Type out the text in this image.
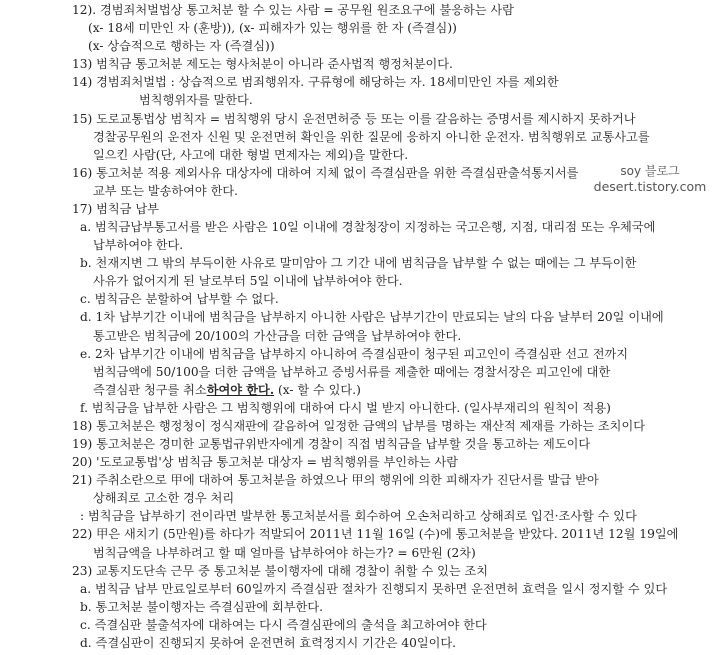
12). 경범죄처벌법상 통고처분 할 수 있는 사람 = 공무원 원조요구에 불응하는 사람
(x- 18세 미만인 자 (훈방)), (x- 피해자가 있는 행위를 한 자 (즉결심))
(x- 상습적으로 행하는 자 (즉결심))
13) 범칙금 통고처분 제도는 형사처분이 아니라 준사법적 행정처분이다.
14) 경범죄처벌법 : 상습적으로 범죄행위자. 구류형에 해당하는 자. 18세미만인 자를 제외한
범칙행위자를 말한다.
15) 도로교통법상 범칙자 = 범칙행위 당시 운전면허증 등 또는 이를 갈음하는 증명서를 제시하지 못하거나
경찰공무원의 운전자 신원 및 운전면허 확인을 위한 질문에 응하지 아니한 운전자. 범칙행위로 교통사고를
일으킨 사람(단, 사고에 대한 형벌 면제자는 제외)을 말한다.
16) 통고처분 적용 제외사유 대상자에 대하여 지체 없이 즉결심판을 위한 즉결심판출석통지서를
교부 또는 발송하여야 한다.
17) 범칙금 납부
a. 범칙금납부통고서를 받은 사람은 10일 이내에 경찰청장이 지정하는 국고은행, 지점, 대리점 또는 우체국에
납부하여야 한다.
b. 천재지변 그 밖의 부득이한 사유로 말미암아 그 기간 내에 범칙금을 납부할 수 없는 때에는 그 부득이한
사유가 없어지게 된 날로부터 5일 이내에 납부하여야 한다.
c. 범칙금은 분할하여 납부할 수 없다.
d. 1차 납부기간 이내에 범칙금을 납부하지 아니한 사람은 납부기간이 만료되는 날의 다음 날부터 20일 이내에
통고받은 범칙금에 20/100의 가산금을 더한 금액을 납부하여야 한다.
e. 2차 납부기간 이내에 범칙금을 납부하지 아니하여 즉결심판이 청구된 피고인이 즉결심판 선고 전까지
범칙금액에 50/100을 더한 금액을 납부하고 증빙서류를 제출한 때에는 경찰서장은 피고인에 대한
즉결심판 청구를 취소하여야 한다. (x- 할 수 있다.)
f. 범칙금을 납부한 사람은 그 범칙행위에 대하여 다시 벌 받지 아니한다. (일사부재리의 원칙이 적용)
18) 통고처분은 행정청이 정식재판에 갈음하여 일정한 금액의 납부를 명하는 재산적 제재를 가하는 조치이다
19) 통고처분은 경미한 교통법규위반자에게 경찰이 직접 범칙금을 납부할 것을 통고하는 제도이다
20) '도로교통법'상 범칙금 통고처분 대상자 = 범칙행위를 부인하는 사람
21) 주취소란으로 甲에 대하여 통고처분을 하였으나 甲의 행위에 의한 피해자가 진단서를 발급 받아
상해죄로 고소한 경우 처리
: 범칙금을 납부하기 전이라면 발부한 통고처분서를 회수하여 오손처리하고 상해죄로 입건·조사할 수 있다
22) 甲은 새치기 (5만원)를 하다가 적발되어 2011년 11월 16일 (수)에 통고처분을 받았다. 2011년 12월 19일에
범칙금액을 나부하려고 할 때 얼마를 납부하여야 하는가? = 6만원 (2차)
23) 교통지도단속 근무 중 통고처분 불이행자에 대해 경찰이 취할 수 있는 조치
a. 범칙금 납부 만료일로부터 60일까지 즉결심판 절차가 진행되지 못하면 운전면허 효력을 일시 정지할 수 있다
b. 통고처분 불이행자는 즉결심판에 회부한다.
c. 즉결심판 불출석자에 대하여는 다시 즉결심판에의 출석을 최고하여야 한다
d. 즉결심판이 진행되지 못하여 운전면허 효력정지시 기간은 40일이다.
soy 블로그
desert.tistory.com
